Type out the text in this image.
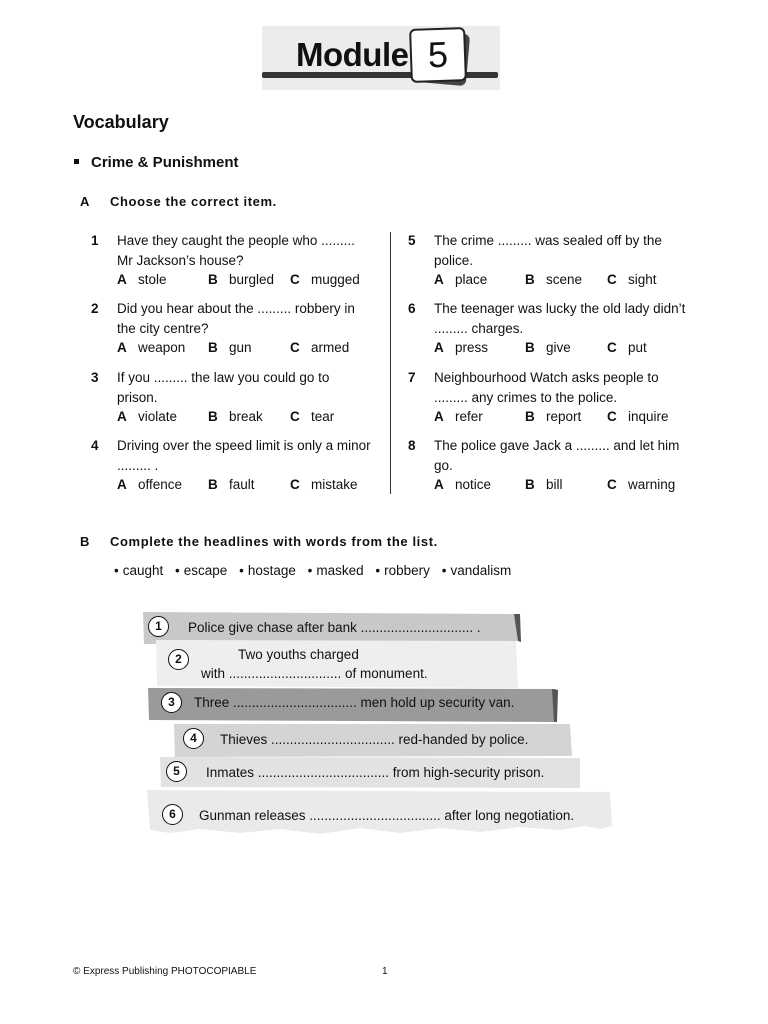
Module 5
Vocabulary
Crime & Punishment
A Choose the correct item.
1 Have they caught the people who .........
Mr Jackson’s house?
A stole	B burgled	C mugged
2 Did you hear about the ......... robbery in
the city centre?
A weapon	B gun	C armed
3 If you ......... the law you could go to
prison.
A violate	B break	C tear
4 Driving over the speed limit is only a minor
......... .
A offence	B fault	C mistake
5 The crime ......... was sealed off by the
police.
A place	B scene	C sight
6 The teenager was lucky the old lady didn’t
......... charges.
A press	B give	C put
7 Neighbourhood Watch asks people to
......... any crimes to the police.
A refer	B report	C inquire
8 The police gave Jack a ......... and let him
go.
A notice	B bill	C warning
B Complete the headlines with words from the list.
• caught • escape • hostage • masked • robbery • vandalism
1	Police give chase after bank .............................. .
2	Two youths charged
with .............................. of monument.
3	Three ................................. men hold up security van.
4	Thieves ................................. red-handed by police.
5	Inmates ................................... from high-security prison.
6	Gunman releases ................................... after long negotiation.
© Express Publishing PHOTOCOPIABLE	1
